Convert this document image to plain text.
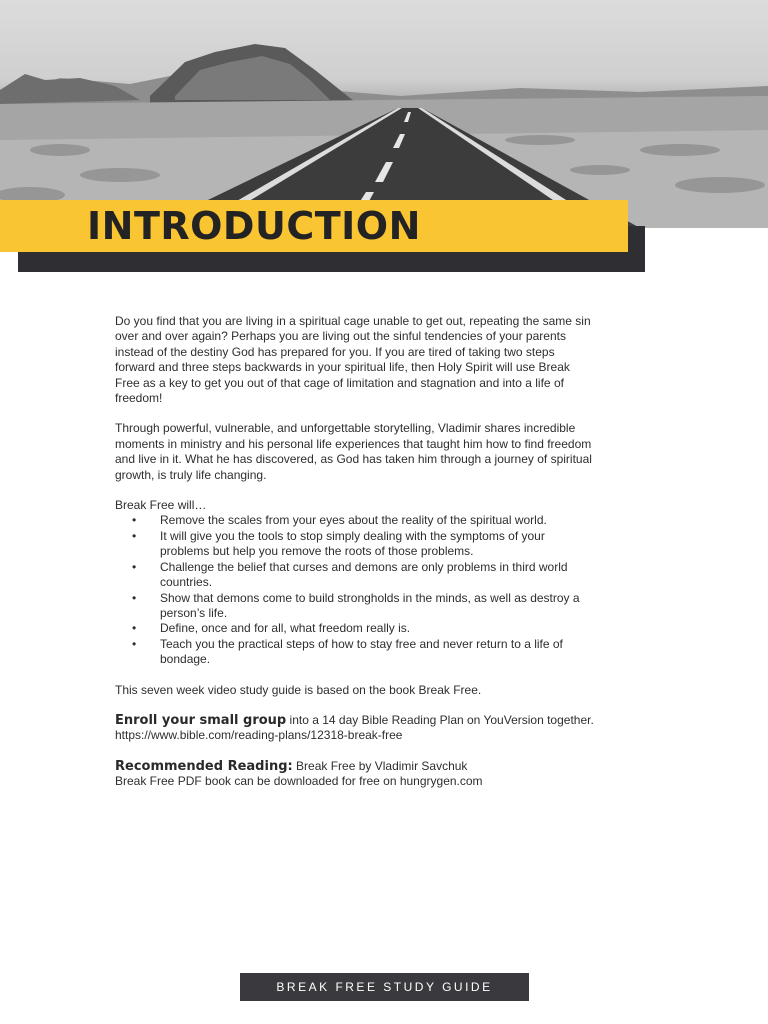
INTRODUCTION

Do you find that you are living in a spiritual cage unable to get out, repeating the same sin over and over again? Perhaps you are living out the sinful tendencies of your parents instead of the destiny God has prepared for you. If you are tired of taking two steps forward and three steps backwards in your spiritual life, then Holy Spirit will use Break Free as a key to get you out of that cage of limitation and stagnation and into a life of freedom!

Through powerful, vulnerable, and unforgettable storytelling, Vladimir shares incredible moments in ministry and his personal life experiences that taught him how to find freedom and live in it. What he has discovered, as God has taken him through a journey of spiritual growth, is truly life changing.

Break Free will…
• Remove the scales from your eyes about the reality of the spiritual world.
• It will give you the tools to stop simply dealing with the symptoms of your problems but help you remove the roots of those problems.
• Challenge the belief that curses and demons are only problems in third world countries.
• Show that demons come to build strongholds in the minds, as well as destroy a person’s life.
• Define, once and for all, what freedom really is.
• Teach you the practical steps of how to stay free and never return to a life of bondage.

This seven week video study guide is based on the book Break Free.

Enroll your small group into a 14 day Bible Reading Plan on YouVersion together.
https://www.bible.com/reading-plans/12318-break-free

Recommended Reading: Break Free by Vladimir Savchuk
Break Free PDF book can be downloaded for free on hungrygen.com

BREAK FREE STUDY GUIDE
